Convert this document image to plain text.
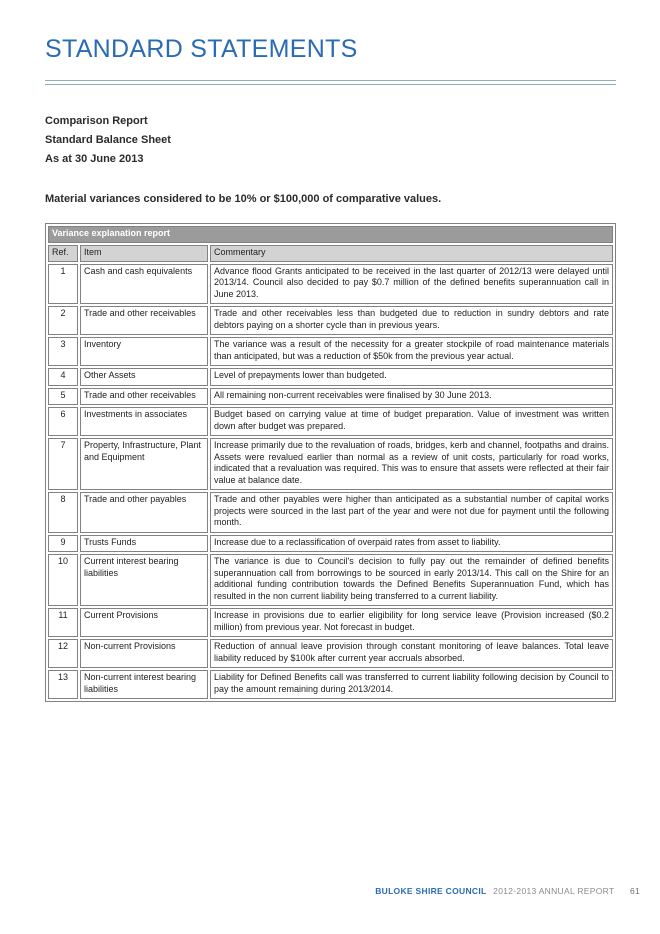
STANDARD STATEMENTS
Comparison Report
Standard Balance Sheet
As at 30 June 2013

Material variances considered to be 10% or $100,000 of comparative values.

Variance explanation report		
Ref.	Item	Commentary
1	Cash and cash equivalents	Advance flood Grants anticipated to be received in the last quarter of 2012/13 were delayed until 2013/14. Council also decided to pay $0.7 million of the defined benefits superannuation call in June 2013.
2	Trade and other receivables	Trade and other receivables less than budgeted due to reduction in sundry debtors and rate debtors paying on a shorter cycle than in previous years.
3	Inventory	The variance was a result of the necessity for a greater stockpile of road maintenance materials than anticipated, but was a reduction of $50k from the previous year actual.
4	Other Assets	Level of prepayments lower than budgeted.
5	Trade and other receivables	All remaining non-current receivables were finalised by 30 June 2013.
6	Investments in associates	Budget based on carrying value at time of budget preparation. Value of investment was written down after budget was prepared.
7	Property, Infrastructure, Plant and Equipment	Increase primarily due to the revaluation of roads, bridges, kerb and channel, footpaths and drains. Assets were revalued earlier than normal as a review of unit costs, particularly for road works, indicated that a revaluation was required. This was to ensure that assets were reflected at their fair value at balance date.
8	Trade and other payables	Trade and other payables were higher than anticipated as a substantial number of capital works projects were sourced in the last part of the year and were not due for payment until the following month.
9	Trusts Funds	Increase due to a reclassification of overpaid rates from asset to liability.
10	Current interest bearing liabilities	The variance is due to Council's decision to fully pay out the remainder of defined benefits superannuation call from borrowings to be sourced in early 2013/14. This call on the Shire for an additional funding contribution towards the Defined Benefits Superannuation Fund, which has resulted in the non current liability being transferred to a current liability.
11	Current Provisions	Increase in provisions due to earlier eligibility for long service leave (Provision increased ($0.2 million) from previous year. Not forecast in budget.
12	Non-current Provisions	Reduction of annual leave provision through constant monitoring of leave balances. Total leave liability reduced by $100k after current year accruals absorbed.
13	Non-current interest bearing liabilities	Liability for Defined Benefits call was transferred to current liability following decision by Council to pay the amount remaining during 2013/2014.
BULOKE SHIRE COUNCIL 2012-2013 ANNUAL REPORT 61
